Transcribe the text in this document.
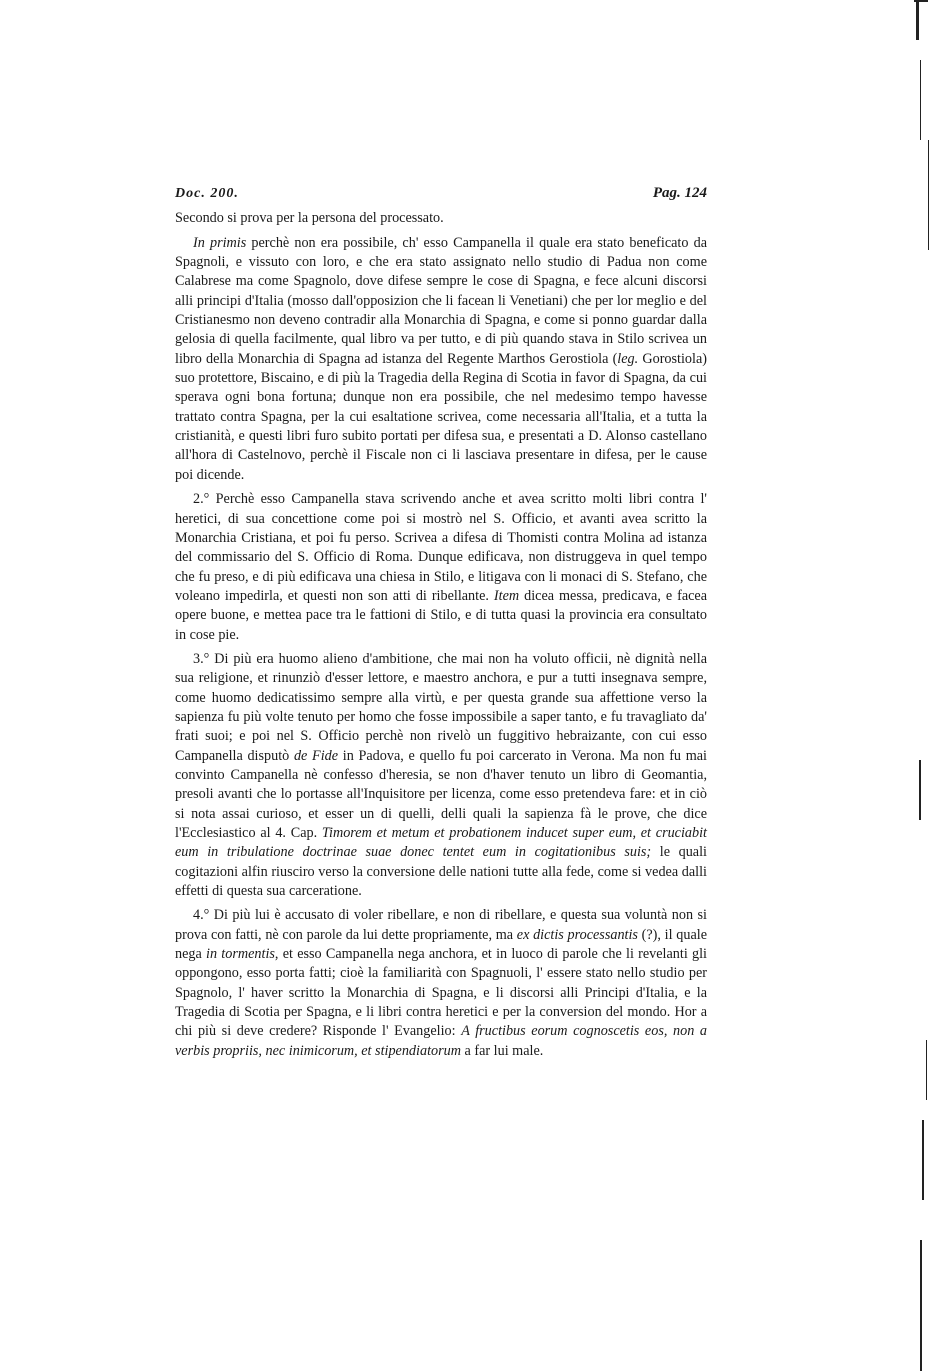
Doc. 200.	Pag. 124

Secondo si prova per la persona del processato.

In primis perchè non era possibile, ch' esso Campanella il quale era stato beneficato da Spagnoli, e vissuto con loro, e che era stato assignato nello studio di Padua non come Calabrese ma come Spagnolo, dove difese sempre le cose di Spagna, e fece alcuni discorsi alli principi d'Italia (mosso dall'opposizion che li facean li Venetiani) che per lor meglio e del Cristianesmo non deveno contradir alla Monarchia di Spagna, e come si ponno guardar dalla gelosia di quella facilmente, qual libro va per tutto, e di più quando stava in Stilo scrivea un libro della Monarchia di Spagna ad istanza del Regente Marthos Gerostiola (leg. Gorostiola) suo protettore, Biscaino, e di più la Tragedia della Regina di Scotia in favor di Spagna, da cui sperava ogni bona fortuna; dunque non era possibile, che nel medesimo tempo havesse trattato contra Spagna, per la cui esaltatione scrivea, come necessaria all'Italia, et a tutta la cristianità, e questi libri furo subito portati per difesa sua, e presentati a D. Alonso castellano all'hora di Castelnovo, perchè il Fiscale non ci li lasciava presentare in difesa, per le cause poi dicende.

2.° Perchè esso Campanella stava scrivendo anche et avea scritto molti libri contra l' heretici, di sua concettione come poi si mostrò nel S. Officio, et avanti avea scritto la Monarchia Cristiana, et poi fu perso. Scrivea a difesa di Thomisti contra Molina ad istanza del commissario del S. Officio di Roma. Dunque edificava, non distruggeva in quel tempo che fu preso, e di più edificava una chiesa in Stilo, e litigava con li monaci di S. Stefano, che voleano impedirla, et questi non son atti di ribellante. Item dicea messa, predicava, e facea opere buone, e mettea pace tra le fattioni di Stilo, e di tutta quasi la provincia era consultato in cose pie.

3.° Di più era huomo alieno d'ambitione, che mai non ha voluto officii, nè dignità nella sua religione, et rinunziò d'esser lettore, e maestro anchora, e pur a tutti insegnava sempre, come huomo dedicatissimo sempre alla virtù, e per questa grande sua affettione verso la sapienza fu più volte tenuto per homo che fosse impossibile a saper tanto, e fu travagliato da' frati suoi; e poi nel S. Officio perchè non rivelò un fuggitivo hebraizante, con cui esso Campanella disputò de Fide in Padova, e quello fu poi carcerato in Verona. Ma non fu mai convinto Campanella nè confesso d'heresia, se non d'haver tenuto un libro di Geomantia, presoli avanti che lo portasse all'Inquisitore per licenza, come esso pretendeva fare: et in ciò si nota assai curioso, et esser un di quelli, delli quali la sapienza fà le prove, che dice l'Ecclesiastico al 4. Cap. Timorem et metum et probationem inducet super eum, et cruciabit eum in tribulatione doctrinae suae donec tentet eum in cogitationibus suis; le quali cogitazioni alfin riusciro verso la conversione delle nationi tutte alla fede, come si vedea dalli effetti di questa sua carceratione.

4.° Di più lui è accusato di voler ribellare, e non di ribellare, e questa sua voluntà non si prova con fatti, nè con parole da lui dette propriamente, ma ex dictis processantis (?), il quale nega in tormentis, et esso Campanella nega anchora, et in luoco di parole che li revelanti gli oppongono, esso porta fatti; cioè la familiarità con Spagnuoli, l' essere stato nello studio per Spagnolo, l' haver scritto la Monarchia di Spagna, e li discorsi alli Principi d'Italia, e la Tragedia di Scotia per Spagna, e li libri contra heretici e per la conversion del mondo. Hor a chi più si deve credere? Risponde l' Evangelio: A fructibus eorum cognoscetis eos, non a verbis propriis, nec inimicorum, et stipendiatorum a far lui male.
